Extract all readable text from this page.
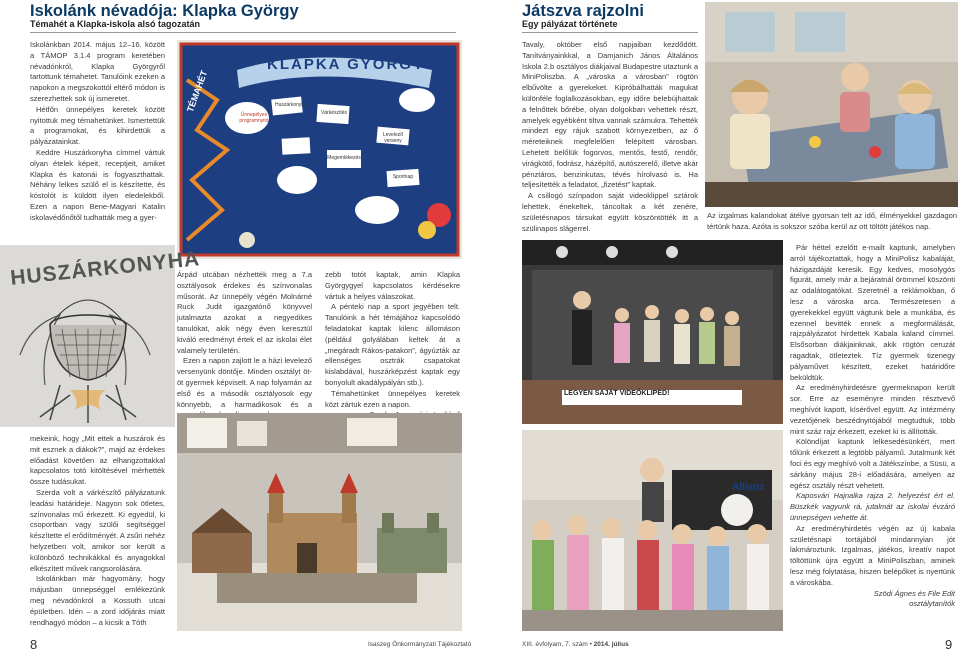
Iskolánk névadója: Klapka György
Témahét a Klapka-iskola alsó tagozatán

Iskolánkban 2014. május 12–16. között a TÁMOP 3.1.4 program keretében névadónkról, Klapka Györgyről tartottunk témahetet. Tanulóink ezeken a napokon a megszokottól eltérő módon is szerezhettek sok új ismeretet.

Hétfőn ünnepélyes keretek között nyitottuk meg témahetünket. Ismertettük a programokat, és kihirdettük a pályázatainkat.

Keddre Huszárkonyha címmel vártuk olyan ételek képeit, receptjeit, amiket Klapka és katonái is fogyaszthattak. Néhány lelkes szülő el is készítette, és kóstolót is küldött ilyen eledelekből. Ezen a napon Bene-Magyari Katalin iskolavédőnőtől tudhatták meg a gyer-

KLAPKA GYÖRGY
TÉMAHÉT
Ünnepélyes programnyitó
Huszárkonyha
Várkészítés
Megemlékezés
Levelező verseny
Sportnap
HUSZÁRKONYHA

mekeink, hogy „Mit ettek a huszárok és mit esznek a diákok?”, majd az érdekes előadást követően az elhangzottakkal kapcsolatos totó kitöltésével mérhették össze tudásukat.

Szerda volt a várkészítő pályázatunk leadási határideje. Nagyon sok ötletes, színvonalas mű érkezett. Ki egyedül, ki csoportban vagy szülői segítséggel készítette el erődítményét. A zsűri nehéz helyzetben volt, amikor sor került a különböző technikákkal és anyagokkal elkészített művek rangsorolására.

Iskolánkban már hagyomány, hogy májusban ünnepséggel emlékezünk meg névadónkról a Kossuth utcai épületben. Idén – a zord időjárás miatt rendhagyó módon – a kicsik a Tóth

Árpád utcában nézhették meg a 7.a osztályosok érdekes és színvonalas műsorát. Az ünnepély végén Molnárné Ruck Judit igazgatónő könyvvel jutalmazta azokat a negyedikes tanulókat, akik négy éven keresztül kiváló eredményt értek el az iskolai élet valamely területén.

Ezen a napon zajlott le a házi levelező versenyünk döntője. Minden osztályt öt-öt gyermek képviselt. A nap folyamán az első és a második osztályosok egy könnyebb, a harmadikosok és a

zebb totót kaptak, amin Klapka Györgygyel kapcsolatos kérdésekre vártuk a helyes válaszokat.

A pénteki nap a sport jegyében telt. Tanulóink a hét témájához kapcsolódó feladatokat kaptak kilenc állomáson (például golyálában keltek át a „megáradt Rákos-patakon”, ágyúzták az ellenséges osztrák csapatokat kislabdával, huszárképzést kaptak egy bonyolult akadálypályán stb.).

Témahetünket ünnepélyes keretek közt zártuk ezen a napon.

Isaszeg Önkormányzati Tájékoztató
8
Játszva rajzolni
Egy pályázat története

Tavaly, október első napjaiban kezdődött. Tanítványainkkal, a Damjanich János Általános Iskola 2.b osztályos diákjaival Budapestre utaztunk a MiniPoliszba. A „városka a városban” rögtön elbűvölte a gyerekeket. Kipróbálhatták magukat különféle foglalkozásokban, egy időre belebújhattak a felnőttek bőrébe, olyan dolgokban vehettek részt, amelyek egyébként tiltva vannak számukra. Tehették mindezt egy rájuk szabott környezetben, az ő méreteiknek megfelelően felépített városban. Lehetett belőlük fogorvos, mentős, festő, rendőr, virágkötő, fodrász, házépítő, autószerelő, illetve akár pénztáros, benzinkutas, tévés hírolvasó is. Ha teljesítették a feladatot, „fizetést” kaptak.

A csillogó színpadon saját videoklippel sztárok lehettek, énekeltek, táncoltak a két zenére, születésnapos társukat együtt köszöntötték itt a szülinapos slágerrel.

Az izgalmas kalandokat átélve gyorsan telt az idő, élményekkel gazdagon tértünk haza. Azóta is sokszor szóba kerül az ott töltött játékos nap.

LEGYEN SAJÁT VIDEÓKLIPED!
Allianz

Pár héttel ezelőtt e-mailt kaptunk, amelyben arról tájékoztattak, hogy a MiniPolisz kabaláját, házigazdáját keresik. Egy kedves, mosolygós figurát, amely már a bejáratnál örömmel köszönti az odalátogatókat. Szeretnél a reklámokban, ő lesz a városka arca. Természetesen a gyerekekkel együtt vágtunk bele a munkába, és ezennel bevitték ennek a megformálását, rajzpályázatot hirdettek Kabala kaland címmel. Elsősorban diákjainknak, akik rögtön ceruzát ragadtak, ötleteztek. Tíz gyermek tizenegy pályaművet készített, ezeket határidőre beküldtük.

Az eredményhirdetésre gyermeknapon került sor. Erre az eseményre minden résztvevő meghívót kapott, kísérővel együtt. Az intézmény vezetőjének beszédnyitójából megtudtuk, több mint száz rajz érkezett, ezeket ki is állították.

Kölöndíjat kaptunk lelkesedésünkért, mert tőlünk érkezett a legtöbb pályamű. Jutalmunk két foci és egy meghívó volt a Játékszínbe, a Süsü, a sárkány május 28-i előadására, amelyen az egész osztály részt vehetett.

Kaposvári Hajnalka rajza 2. helyezést ért el. Büszkék vagyunk rá, jutalmát az iskolai évzáró ünnepségen vehette át.

Az eredményhirdetés végén az új kabala születésnapi tortájából mindannyian jót lakmároztunk. Izgalmas, játékos, kreatív napot töltöttünk újra együtt a MiniPoliszban, aminek lesz még folytatása, hiszen belépőket is nyertünk a városkába.

Szödi Ágnes és File Edit

osztálytanítók

XIII. évfolyam, 7. szám • 2014. július	9
